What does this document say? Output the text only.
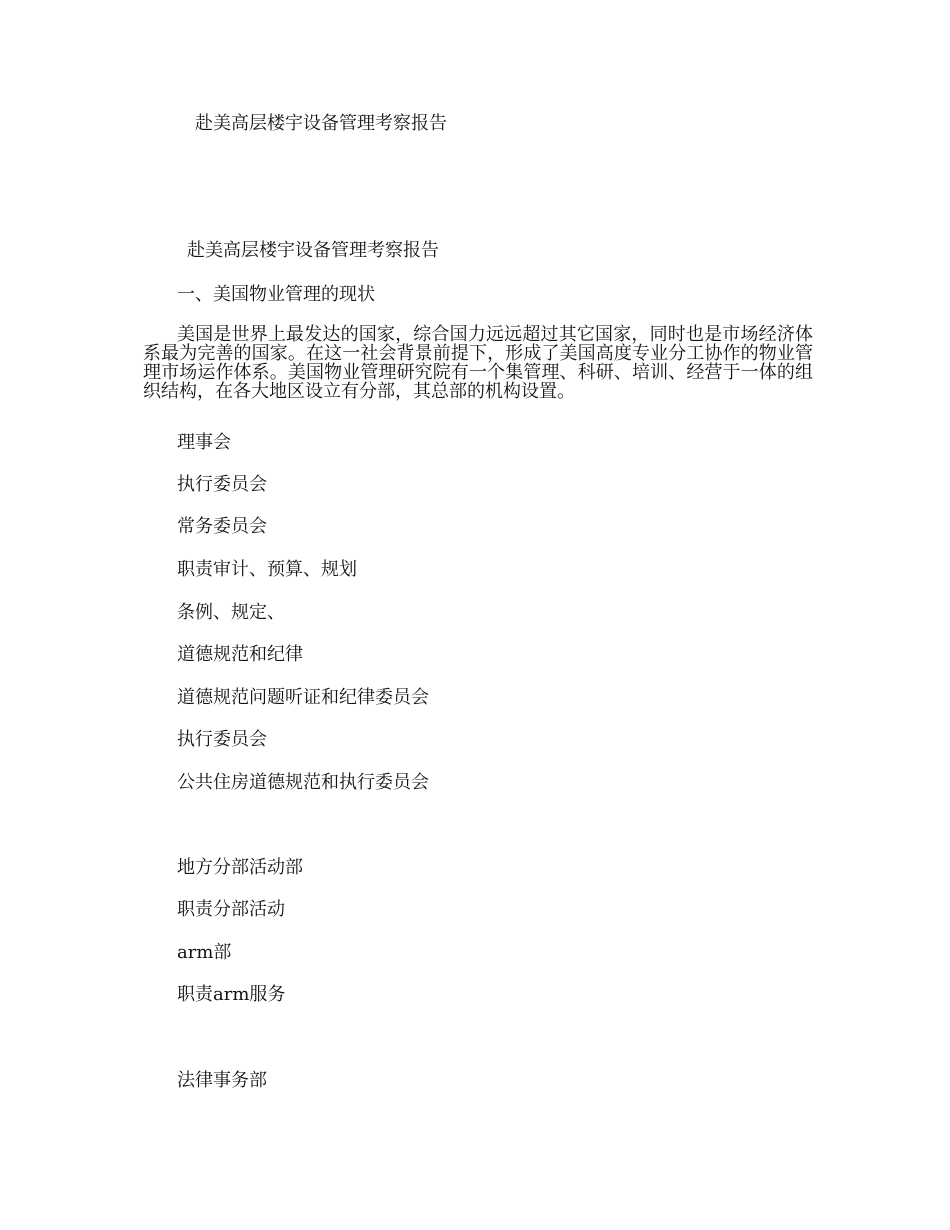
赴美高层楼宇设备管理考察报告
赴美高层楼宇设备管理考察报告
一、美国物业管理的现状
美国是世界上最发达的国家，综合国力远远超过其它国家，同时也是市场经济体系最为完善的国家。在这一社会背景前提下，形成了美国高度专业分工协作的物业管理市场运作体系。美国物业管理研究院有一个集管理、科研、培训、经营于一体的组织结构，在各大地区设立有分部，其总部的机构设置。
理事会
执行委员会
常务委员会
职责审计、预算、规划
条例、规定、
道德规范和纪律
道德规范问题听证和纪律委员会
执行委员会
公共住房道德规范和执行委员会
地方分部活动部
职责分部活动
arm部
职责arm服务
法律事务部
